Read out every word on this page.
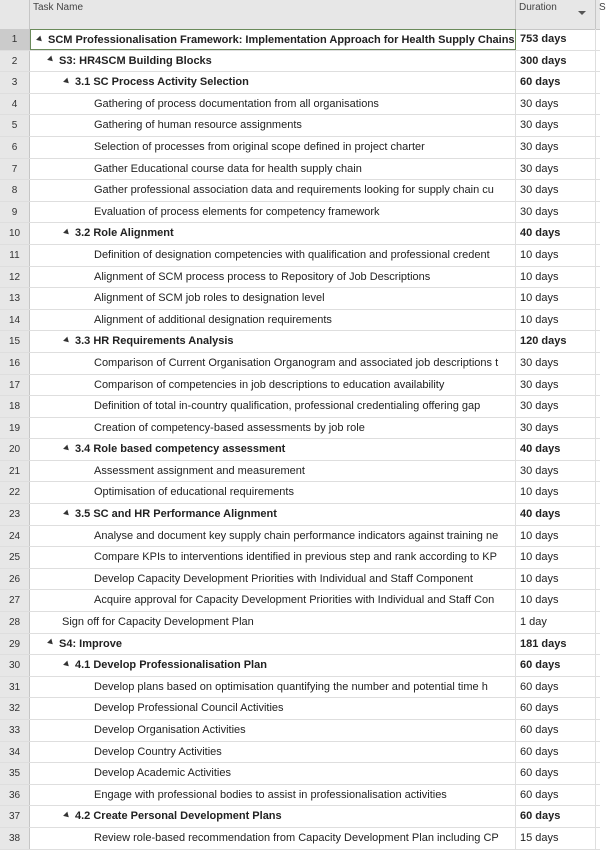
Task Name	Duration	S
1	SCM Professionalisation Framework: Implementation Approach for Health Supply Chains 753 days
2	S3: HR4SCM Building Blocks	300 days
3	3.1 SC Process Activity Selection	60 days
4	Gathering of process documentation from all organisations	30 days
5	Gathering of human resource assignments	30 days
6	Selection of processes from original scope defined in project charter	30 days
7	Gather Educational course data for health supply chain	30 days
8	Gather professional association data and requirements looking for supply chain cu	30 days
9	Evaluation of process elements for competency framework	30 days
10	3.2 Role Alignment	40 days
11	Definition of designation competencies with qualification and professional credent	10 days
12	Alignment of SCM process process to Repository of Job Descriptions	10 days
13	Alignment of SCM job roles to designation level	10 days
14	Alignment of additional designation requirements	10 days
15	3.3 HR Requirements Analysis	120 days
16	Comparison of Current Organisation Organogram and associated job descriptions t	30 days
17	Comparison of competencies in job descriptions to education availability	30 days
18	Definition of total in-country qualification, professional credentialing offering gap	30 days
19	Creation of competency-based assessments by job role	30 days
20	3.4 Role based competency assessment	40 days
21	Assessment assignment and measurement	30 days
22	Optimisation of educational requirements	10 days
23	3.5 SC and HR Performance Alignment	40 days
24	Analyse and document key supply chain performance indicators against training ne	10 days
25	Compare KPIs to interventions identified in previous step and rank according to KP	10 days
26	Develop Capacity Development Priorities with Individual and Staff Component	10 days
27	Acquire approval for Capacity Development Priorities with Individual and Staff Con	10 days
28	Sign off for Capacity Development Plan	1 day
29	S4: Improve	181 days
30	4.1 Develop Professionalisation Plan	60 days
31	Develop plans based on optimisation quantifying the number and potential time h	60 days
32	Develop Professional Council Activities	60 days
33	Develop Organisation Activities	60 days
34	Develop Country Activities	60 days
35	Develop Academic Activities	60 days
36	Engage with professional bodies to assist in professionalisation activities	60 days
37	4.2 Create Personal Development Plans	60 days
38	Review role-based recommendation from Capacity Development Plan including CP	15 days
